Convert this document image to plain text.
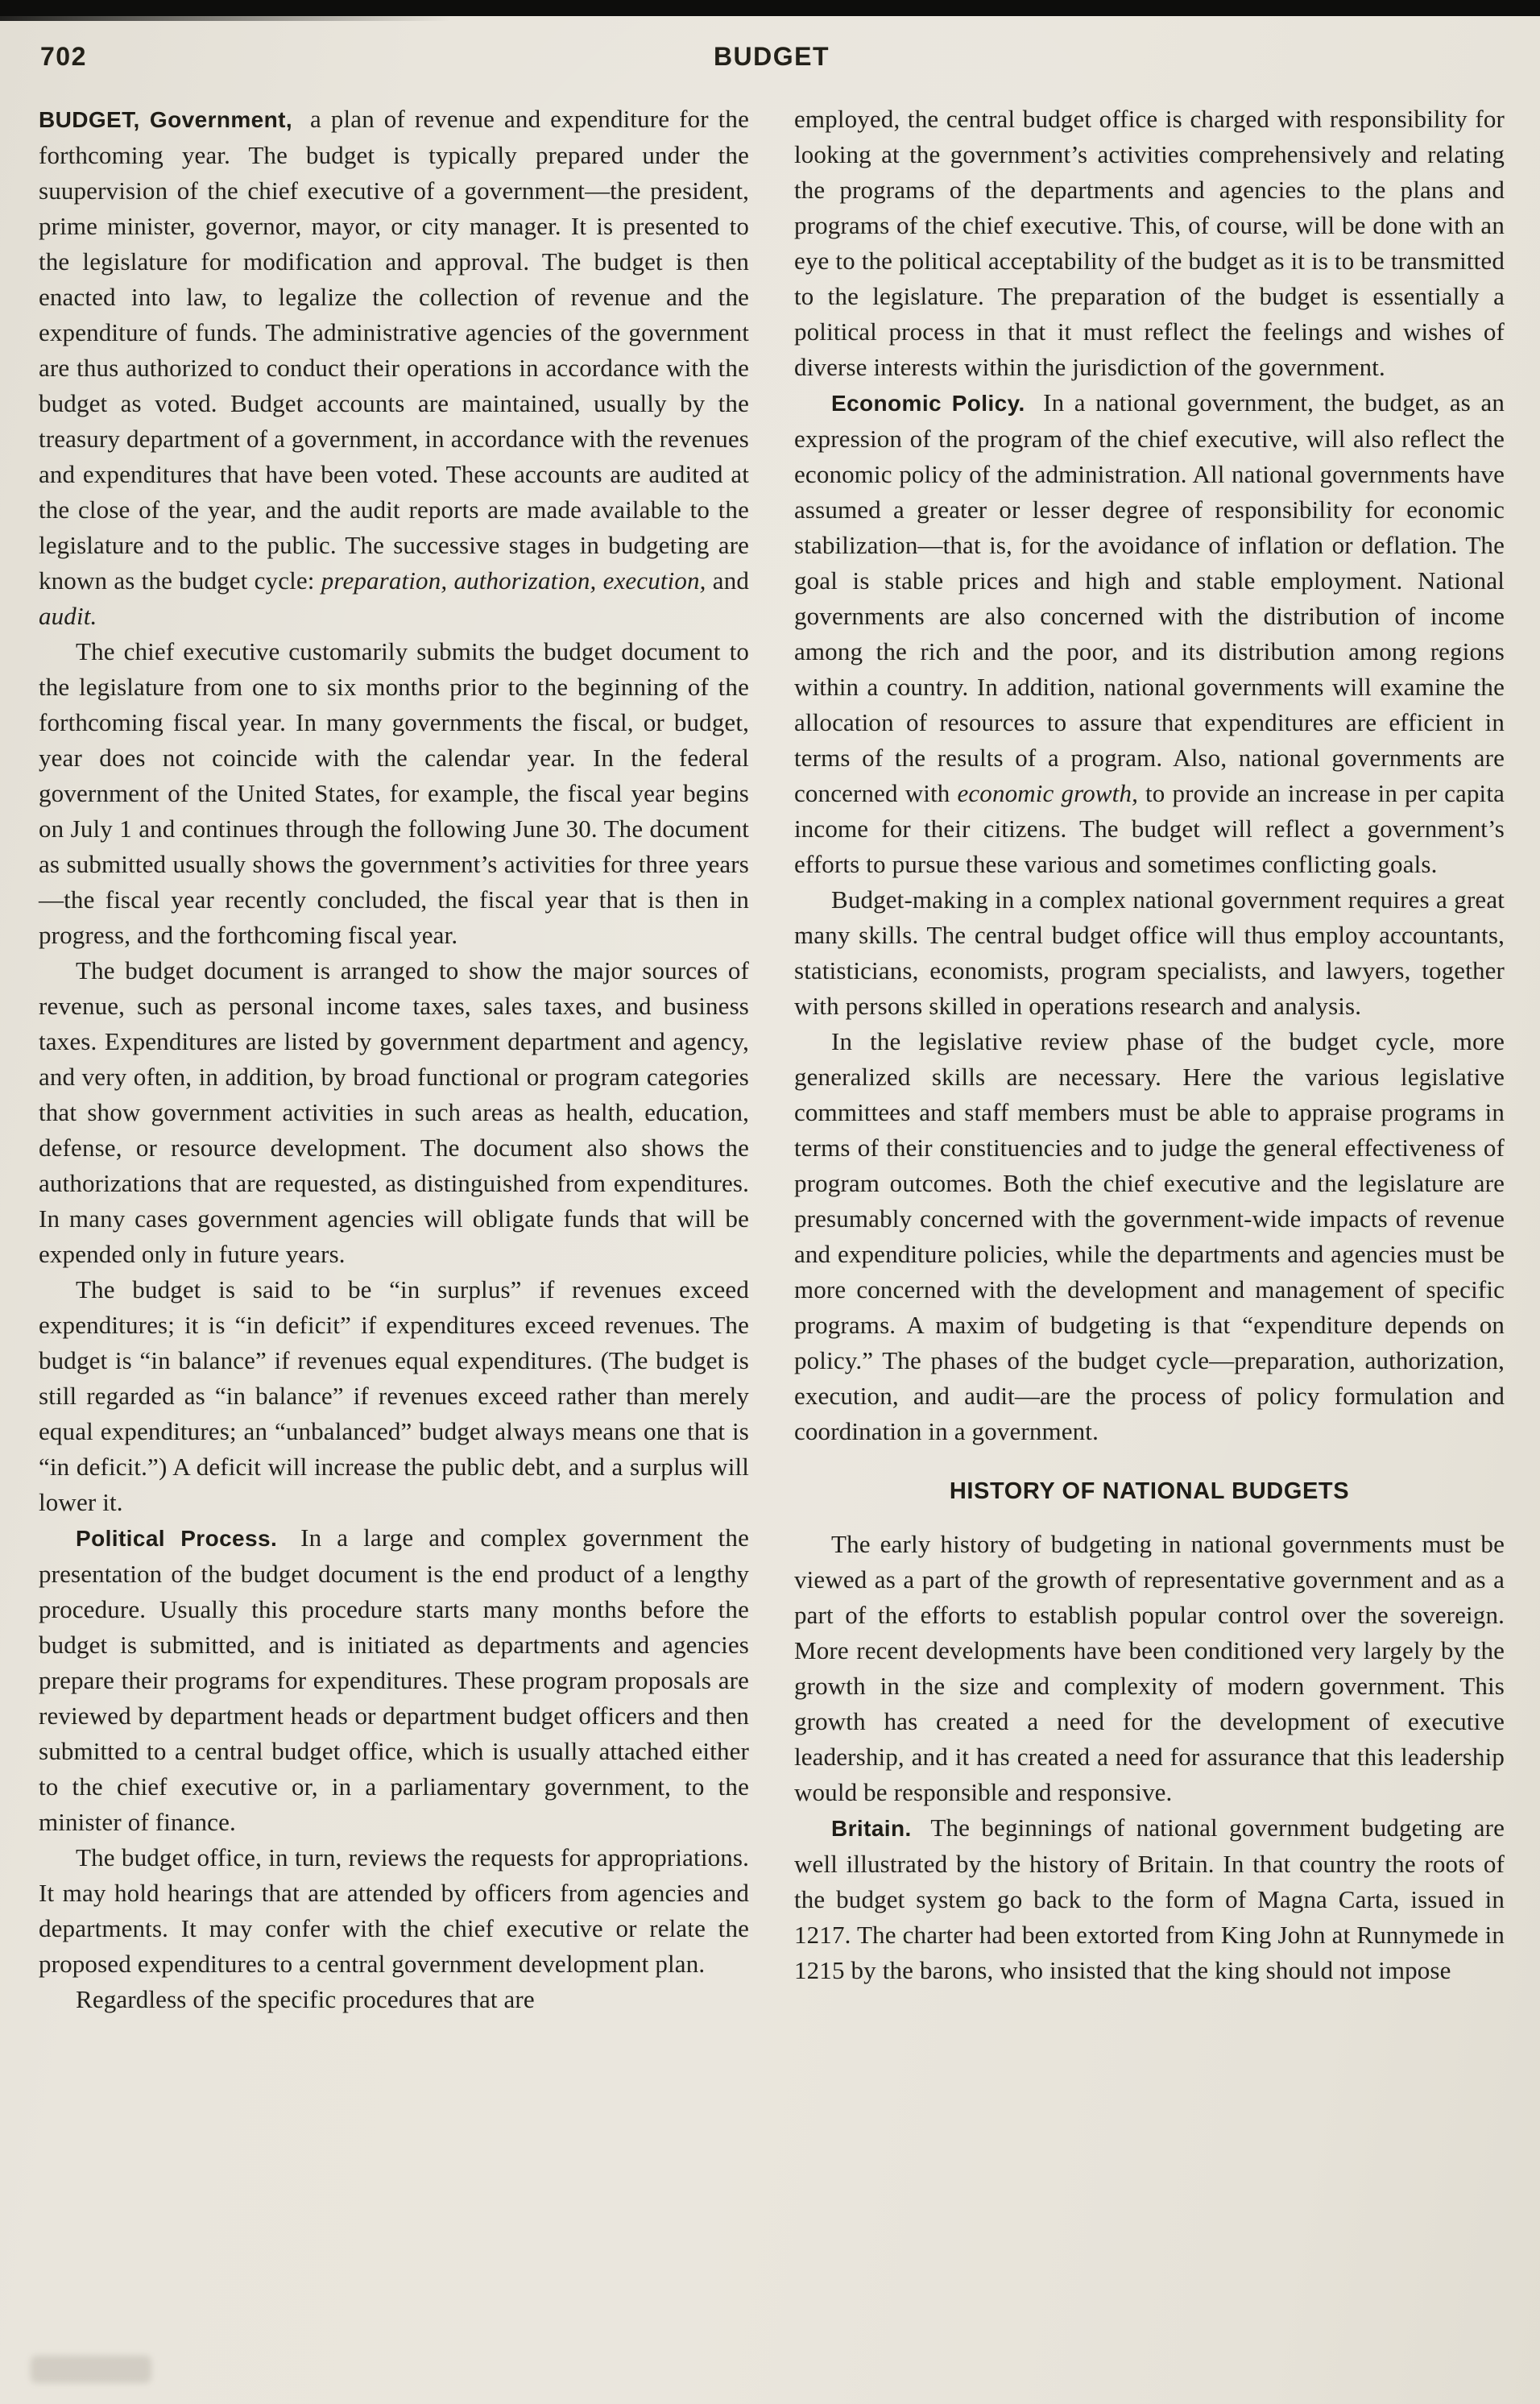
702	BUDGET

BUDGET, Government, a plan of revenue and expenditure for the forthcoming year. The budget is typically prepared under the suupervision of the chief executive of a government—the president, prime minister, governor, mayor, or city manager. It is presented to the legislature for modification and approval. The budget is then enacted into law, to legalize the collection of revenue and the expenditure of funds. The administrative agencies of the government are thus authorized to conduct their operations in accordance with the budget as voted. Budget accounts are maintained, usually by the treasury department of a government, in accordance with the revenues and expenditures that have been voted. These accounts are audited at the close of the year, and the audit reports are made available to the legislature and to the public. The successive stages in budgeting are known as the budget cycle: preparation, authorization, execution, and audit.

The chief executive customarily submits the budget document to the legislature from one to six months prior to the beginning of the forthcoming fiscal year. In many governments the fiscal, or budget, year does not coincide with the calendar year. In the federal government of the United States, for example, the fiscal year begins on July 1 and continues through the following June 30. The document as submitted usually shows the government’s activities for three years—the fiscal year recently concluded, the fiscal year that is then in progress, and the forthcoming fiscal year.

The budget document is arranged to show the major sources of revenue, such as personal income taxes, sales taxes, and business taxes. Expenditures are listed by government department and agency, and very often, in addition, by broad functional or program categories that show government activities in such areas as health, education, defense, or resource development. The document also shows the authorizations that are requested, as distinguished from expenditures. In many cases government agencies will obligate funds that will be expended only in future years.

The budget is said to be “in surplus” if revenues exceed expenditures; it is “in deficit” if expenditures exceed revenues. The budget is “in balance” if revenues equal expenditures. (The budget is still regarded as “in balance” if revenues exceed rather than merely equal expenditures; an “unbalanced” budget always means one that is “in deficit.”) A deficit will increase the public debt, and a surplus will lower it.

Political Process. In a large and complex government the presentation of the budget document is the end product of a lengthy procedure. Usually this procedure starts many months before the budget is submitted, and is initiated as departments and agencies prepare their programs for expenditures. These program proposals are reviewed by department heads or department budget officers and then submitted to a central budget office, which is usually attached either to the chief executive or, in a parliamentary government, to the minister of finance.

The budget office, in turn, reviews the requests for appropriations. It may hold hearings that are attended by officers from agencies and departments. It may confer with the chief executive or relate the proposed expenditures to a central government development plan.

Regardless of the specific procedures that are

employed, the central budget office is charged with responsibility for looking at the government’s activities comprehensively and relating the programs of the departments and agencies to the plans and programs of the chief executive. This, of course, will be done with an eye to the political acceptability of the budget as it is to be transmitted to the legislature. The preparation of the budget is essentially a political process in that it must reflect the feelings and wishes of diverse interests within the jurisdiction of the government.

Economic Policy. In a national government, the budget, as an expression of the program of the chief executive, will also reflect the economic policy of the administration. All national governments have assumed a greater or lesser degree of responsibility for economic stabilization—that is, for the avoidance of inflation or deflation. The goal is stable prices and high and stable employment. National governments are also concerned with the distribution of income among the rich and the poor, and its distribution among regions within a country. In addition, national governments will examine the allocation of resources to assure that expenditures are efficient in terms of the results of a program. Also, national governments are concerned with economic growth, to provide an increase in per capita income for their citizens. The budget will reflect a government’s efforts to pursue these various and sometimes conflicting goals.

Budget-making in a complex national government requires a great many skills. The central budget office will thus employ accountants, statisticians, economists, program specialists, and lawyers, together with persons skilled in operations research and analysis.

In the legislative review phase of the budget cycle, more generalized skills are necessary. Here the various legislative committees and staff members must be able to appraise programs in terms of their constituencies and to judge the general effectiveness of program outcomes. Both the chief executive and the legislature are presumably concerned with the government-wide impacts of revenue and expenditure policies, while the departments and agencies must be more concerned with the development and management of specific programs. A maxim of budgeting is that “expenditure depends on policy.” The phases of the budget cycle—preparation, authorization, execution, and audit—are the process of policy formulation and coordination in a government.

HISTORY OF NATIONAL BUDGETS

The early history of budgeting in national governments must be viewed as a part of the growth of representative government and as a part of the efforts to establish popular control over the sovereign. More recent developments have been conditioned very largely by the growth in the size and complexity of modern government. This growth has created a need for the development of executive leadership, and it has created a need for assurance that this leadership would be responsible and responsive.

Britain. The beginnings of national government budgeting are well illustrated by the history of Britain. In that country the roots of the budget system go back to the form of Magna Carta, issued in 1217. The charter had been extorted from King John at Runnymede in 1215 by the barons, who insisted that the king should not impose
